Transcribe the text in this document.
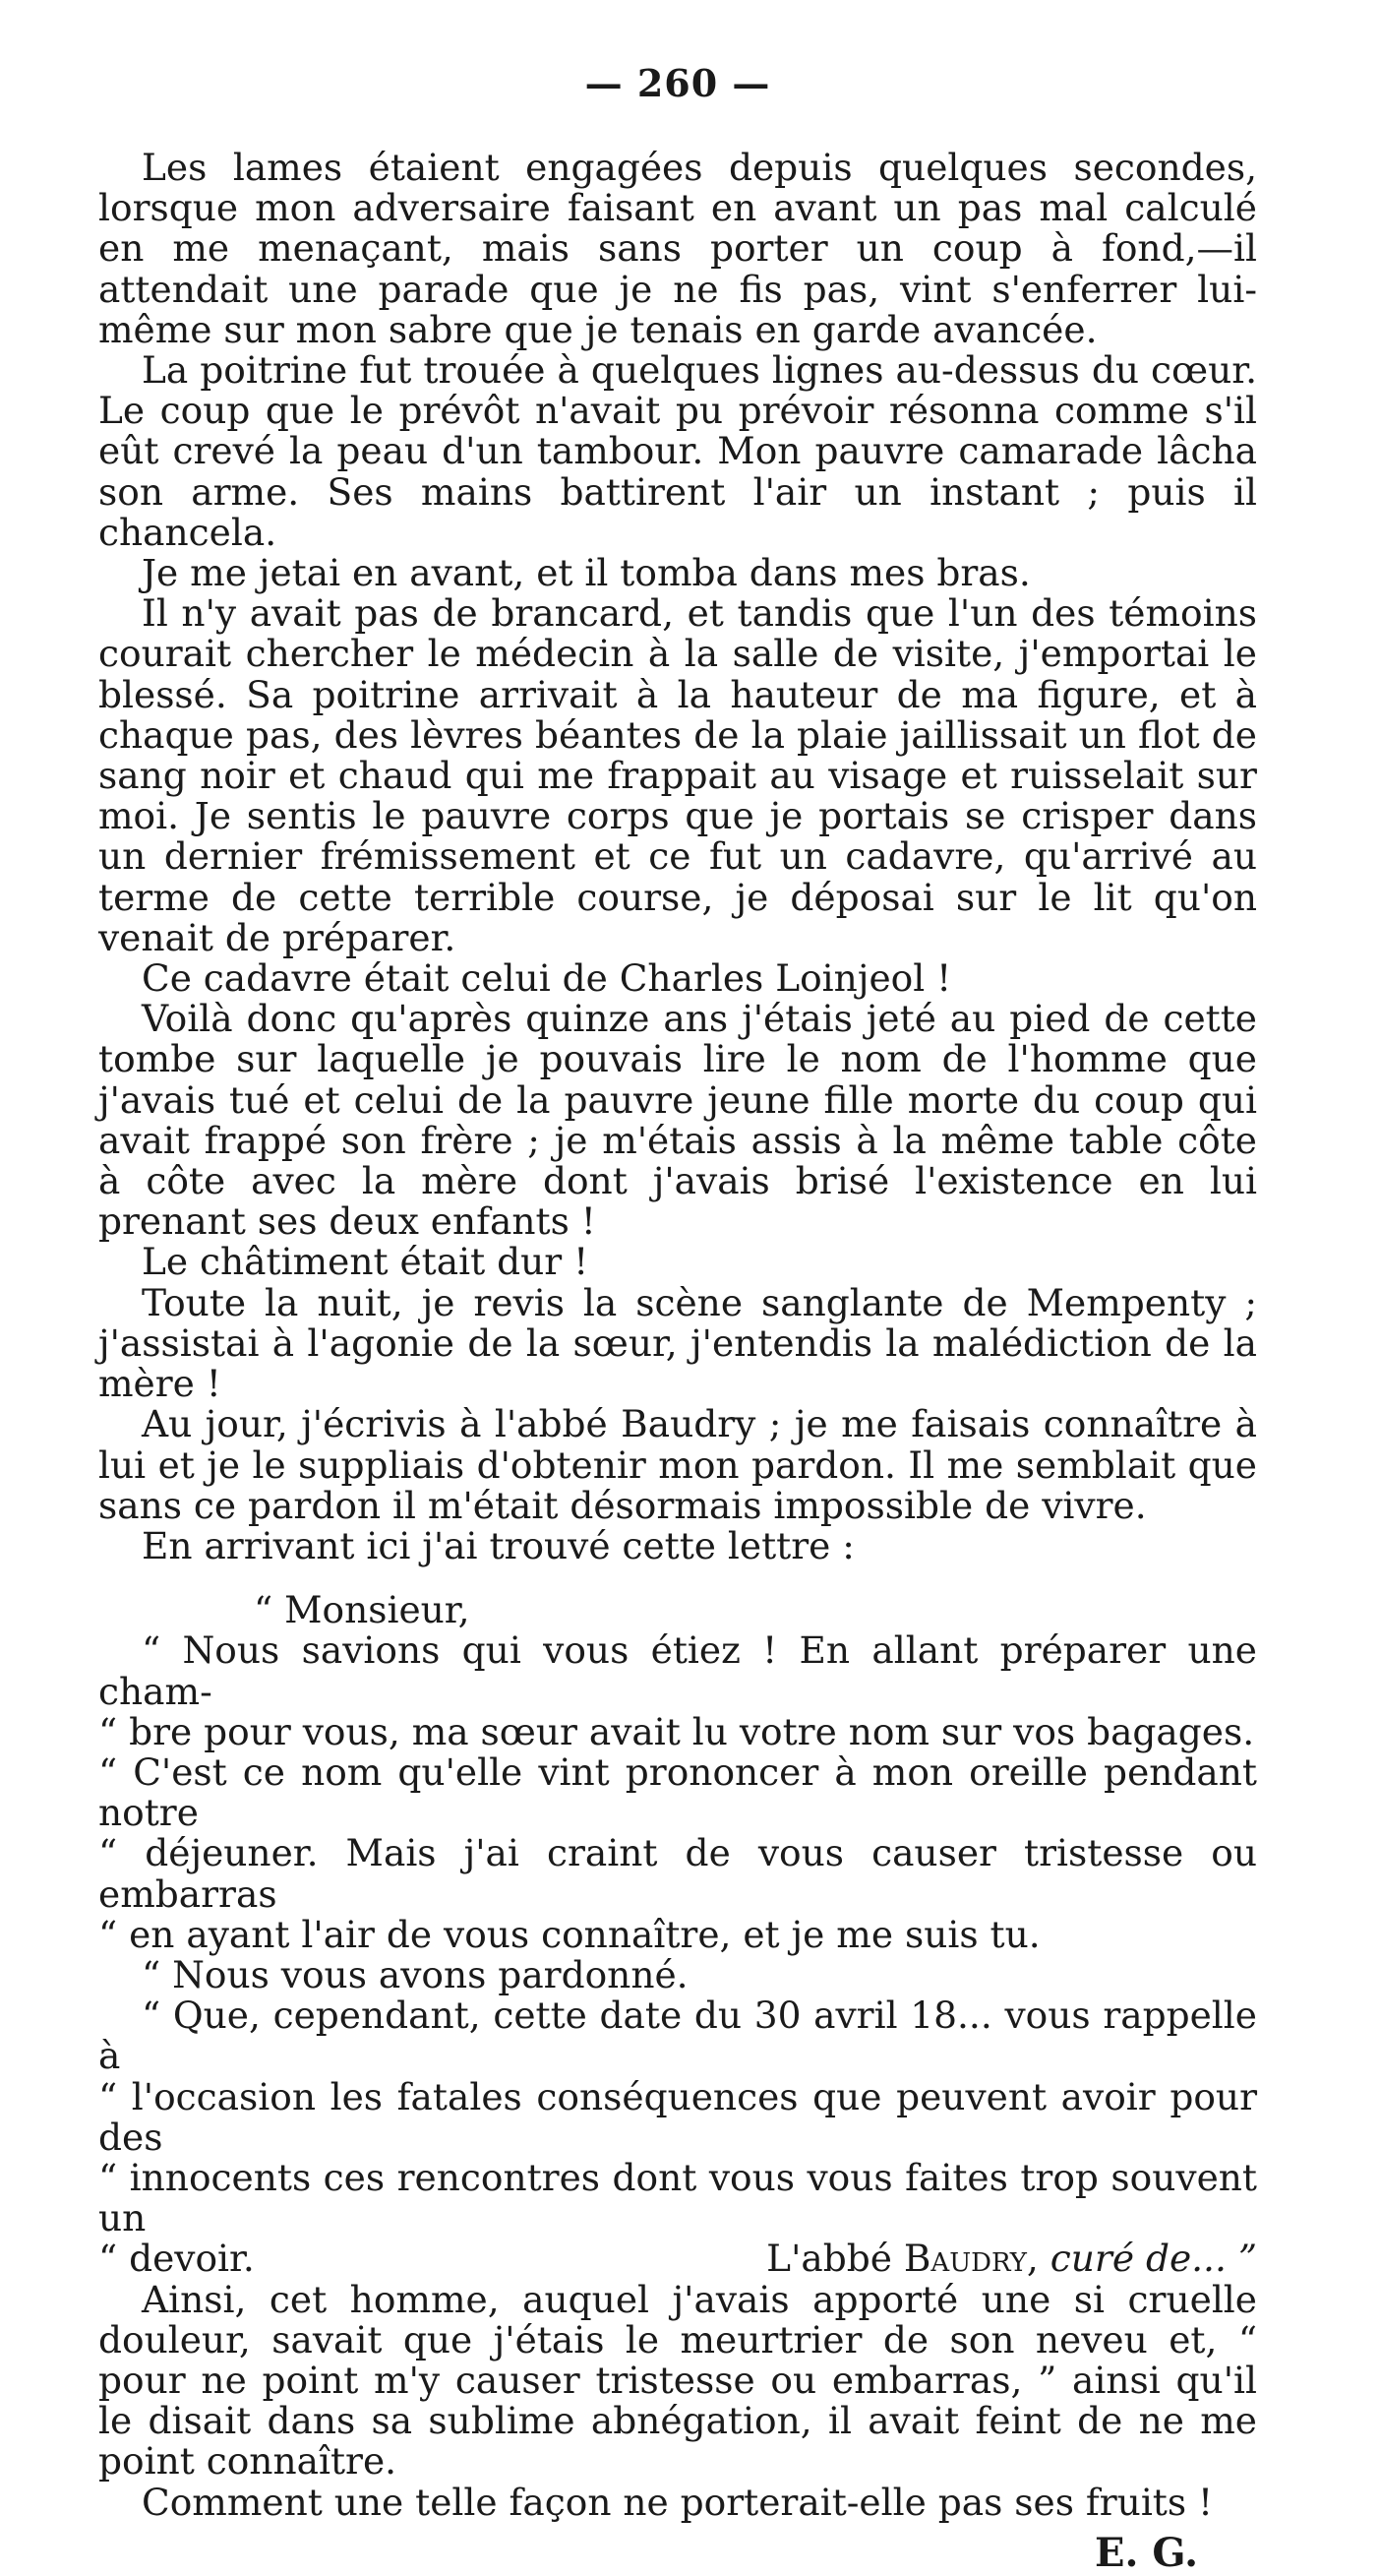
— 260 —

Les lames étaient engagées depuis quelques secondes, lorsque mon adversaire faisant en avant un pas mal calculé en me menaçant, mais sans porter un coup à fond,—il attendait une parade que je ne fis pas, vint s'enferrer lui-même sur mon sabre que je tenais en garde avancée.

La poitrine fut trouée à quelques lignes au-dessus du cœur. Le coup que le prévôt n'avait pu prévoir résonna comme s'il eût crevé la peau d'un tambour. Mon pauvre camarade lâcha son arme. Ses mains battirent l'air un instant ; puis il chancela.

Je me jetai en avant, et il tomba dans mes bras.

Il n'y avait pas de brancard, et tandis que l'un des témoins courait chercher le médecin à la salle de visite, j'emportai le blessé. Sa poitrine arrivait à la hauteur de ma figure, et à chaque pas, des lèvres béantes de la plaie jaillissait un flot de sang noir et chaud qui me frappait au visage et ruisselait sur moi. Je sentis le pauvre corps que je portais se crisper dans un dernier frémissement et ce fut un cadavre, qu'arrivé au terme de cette terrible course, je déposai sur le lit qu'on venait de préparer.

Ce cadavre était celui de Charles Loinjeol !

Voilà donc qu'après quinze ans j'étais jeté au pied de cette tombe sur laquelle je pouvais lire le nom de l'homme que j'avais tué et celui de la pauvre jeune fille morte du coup qui avait frappé son frère ; je m'étais assis à la même table côte à côte avec la mère dont j'avais brisé l'existence en lui prenant ses deux enfants !

Le châtiment était dur !

Toute la nuit, je revis la scène sanglante de Mempenty ; j'assistai à l'agonie de la sœur, j'entendis la malédiction de la mère !

Au jour, j'écrivis à l'abbé Baudry ; je me faisais connaître à lui et je le suppliais d'obtenir mon pardon. Il me semblait que sans ce pardon il m'était désormais impossible de vivre.

En arrivant ici j'ai trouvé cette lettre :

“ Monsieur,

“ Nous savions qui vous étiez ! En allant préparer une cham-

“ bre pour vous, ma sœur avait lu votre nom sur vos bagages.

“ C'est ce nom qu'elle vint prononcer à mon oreille pendant notre

“ déjeuner. Mais j'ai craint de vous causer tristesse ou embarras

“ en ayant l'air de vous connaître, et je me suis tu.

“ Nous vous avons pardonné.

“ Que, cependant, cette date du 30 avril 18... vous rappelle à

“ l'occasion les fatales conséquences que peuvent avoir pour des

“ innocents ces rencontres dont vous vous faites trop souvent un

“ devoir.	L'abbé Baudry, curé de... ”

Ainsi, cet homme, auquel j'avais apporté une si cruelle douleur, savait que j'étais le meurtrier de son neveu et, “ pour ne point m'y causer tristesse ou embarras, ” ainsi qu'il le disait dans sa sublime abnégation, il avait feint de ne me point connaître.

Comment une telle façon ne porterait-elle pas ses fruits !

E. G.
